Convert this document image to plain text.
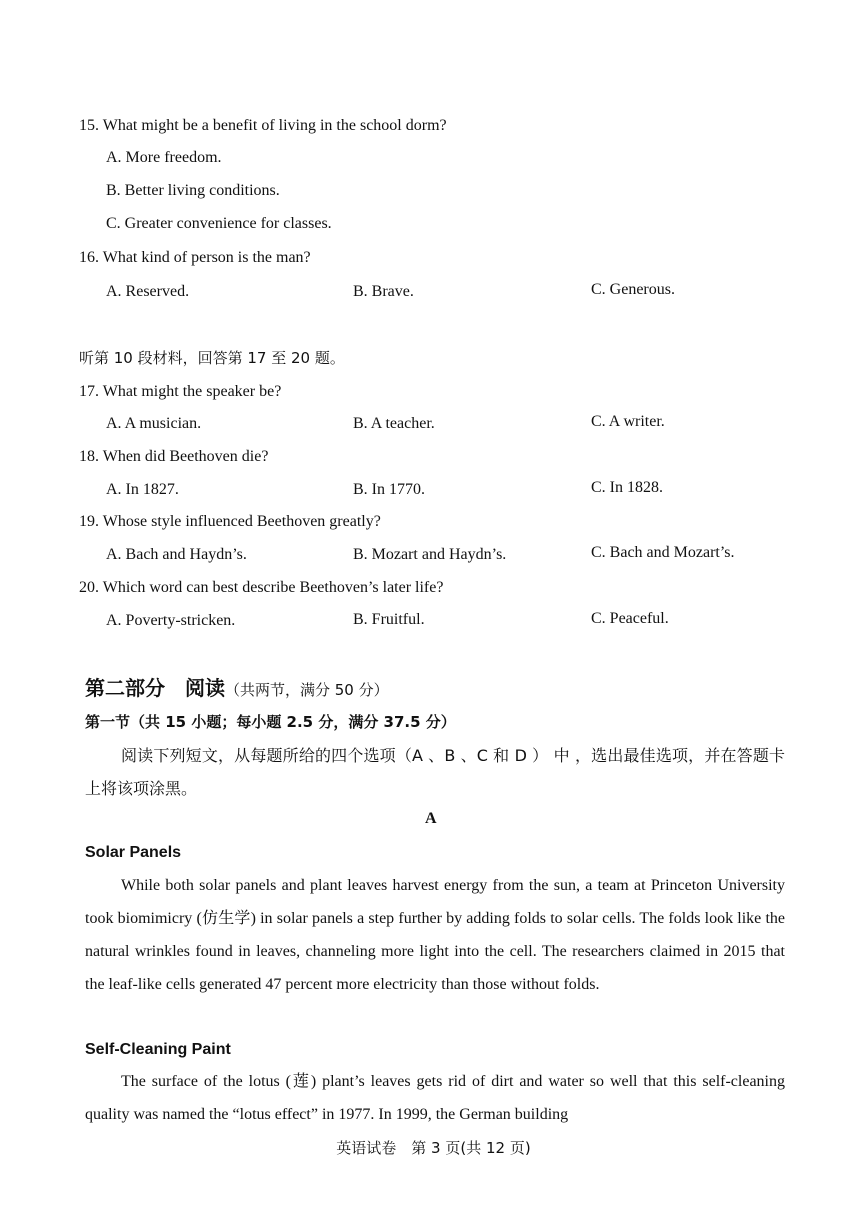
15. What might be a benefit of living in the school dorm?
A. More freedom.
B. Better living conditions.
C. Greater convenience for classes.
16. What kind of person is the man?
A. Reserved.	B. Brave.	C. Generous.
听第 10 段材料，回答第 17 至 20 题。
17. What might the speaker be?
A. A musician.	B. A teacher.	C. A writer.
18. When did Beethoven die?
A. In 1827.	B. In 1770.	C. In 1828.
19. Whose style influenced Beethoven greatly?
A. Bach and Haydn’s.	B. Mozart and Haydn’s.	C. Bach and Mozart’s.
20. Which word can best describe Beethoven’s later life?
A. Poverty-stricken.	B. Fruitful.	C. Peaceful.
第二部分　阅读（共两节，满分 50 分）
第一节（共 15 小题；每小题 2.5 分，满分 37.5 分）
阅读下列短文，从每题所给的四个选项（A 、B 、C 和 D ） 中 ，选出最佳选项，并在答题卡上将该项涂黑。
A
Solar Panels
While both solar panels and plant leaves harvest energy from the sun, a team at Princeton University took biomimicry (仿生学) in solar panels a step further by adding folds to solar cells. The folds look like the natural wrinkles found in leaves, channeling more light into the cell. The researchers claimed in 2015 that the leaf-like cells generated 47 percent more electricity than those without folds.
Self-Cleaning Paint
The surface of the lotus (莲) plant’s leaves gets rid of dirt and water so well that this self-cleaning quality was named the “lotus effect” in 1977. In 1999, the German building
英语试卷　第 3 页(共 12 页)
